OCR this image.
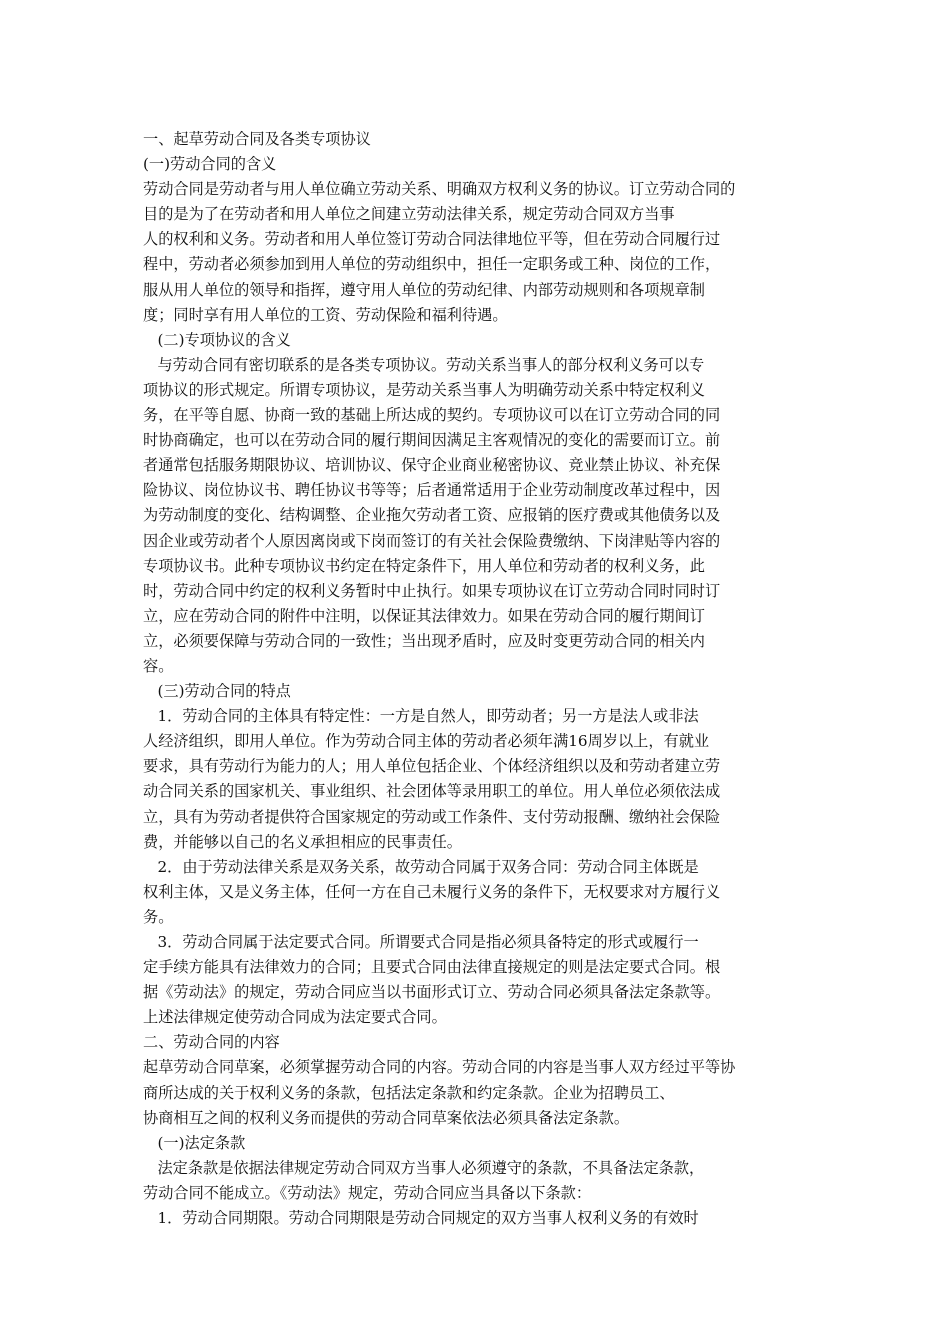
一、起草劳动合同及各类专项协议
(一)劳动合同的含义
劳动合同是劳动者与用人单位确立劳动关系、明确双方权利义务的协议。订立劳动合同的
目的是为了在劳动者和用人单位之间建立劳动法律关系，规定劳动合同双方当事
人的权利和义务。劳动者和用人单位签订劳动合同法律地位平等，但在劳动合同履行过
程中，劳动者必须参加到用人单位的劳动组织中，担任一定职务或工种、岗位的工作，
服从用人单位的领导和指挥，遵守用人单位的劳动纪律、内部劳动规则和各项规章制
度；同时享有用人单位的工资、劳动保险和福利待遇。
(二)专项协议的含义
与劳动合同有密切联系的是各类专项协议。劳动关系当事人的部分权利义务可以专
项协议的形式规定。所谓专项协议，是劳动关系当事人为明确劳动关系中特定权利义
务，在平等自愿、协商一致的基础上所达成的契约。专项协议可以在订立劳动合同的同
时协商确定，也可以在劳动合同的履行期间因满足主客观情况的变化的需要而订立。前
者通常包括服务期限协议、培训协议、保守企业商业秘密协议、竞业禁止协议、补充保
险协议、岗位协议书、聘任协议书等等；后者通常适用于企业劳动制度改革过程中，因
为劳动制度的变化、结构调整、企业拖欠劳动者工资、应报销的医疗费或其他债务以及
因企业或劳动者个人原因离岗或下岗而签订的有关社会保险费缴纳、下岗津贴等内容的
专项协议书。此种专项协议书约定在特定条件下，用人单位和劳动者的权利义务，此
时，劳动合同中约定的权利义务暂时中止执行。如果专项协议在订立劳动合同时同时订
立，应在劳动合同的附件中注明，以保证其法律效力。如果在劳动合同的履行期间订
立，必须要保障与劳动合同的一致性；当出现矛盾时，应及时变更劳动合同的相关内
容。
(三)劳动合同的特点
1．劳动合同的主体具有特定性：一方是自然人，即劳动者；另一方是法人或非法
人经济组织，即用人单位。作为劳动合同主体的劳动者必须年满16周岁以上，有就业
要求，具有劳动行为能力的人；用人单位包括企业、个体经济组织以及和劳动者建立劳
动合同关系的国家机关、事业组织、社会团体等录用职工的单位。用人单位必须依法成
立，具有为劳动者提供符合国家规定的劳动或工作条件、支付劳动报酬、缴纳社会保险
费，并能够以自己的名义承担相应的民事责任。
2．由于劳动法律关系是双务关系，故劳动合同属于双务合同：劳动合同主体既是
权利主体，又是义务主体，任何一方在自己未履行义务的条件下，无权要求对方履行义
务。
3．劳动合同属于法定要式合同。所谓要式合同是指必须具备特定的形式或履行一
定手续方能具有法律效力的合同；且要式合同由法律直接规定的则是法定要式合同。根
据《劳动法》的规定，劳动合同应当以书面形式订立、劳动合同必须具备法定条款等。
上述法律规定使劳动合同成为法定要式合同。
二、劳动合同的内容
起草劳动合同草案，必须掌握劳动合同的内容。劳动合同的内容是当事人双方经过平等协
商所达成的关于权利义务的条款，包括法定条款和约定条款。企业为招聘员工、
协商相互之间的权利义务而提供的劳动合同草案依法必须具备法定条款。
(一)法定条款
法定条款是依据法律规定劳动合同双方当事人必须遵守的条款，不具备法定条款，
劳动合同不能成立。《劳动法》规定，劳动合同应当具备以下条款：
1．劳动合同期限。劳动合同期限是劳动合同规定的双方当事人权利义务的有效时
